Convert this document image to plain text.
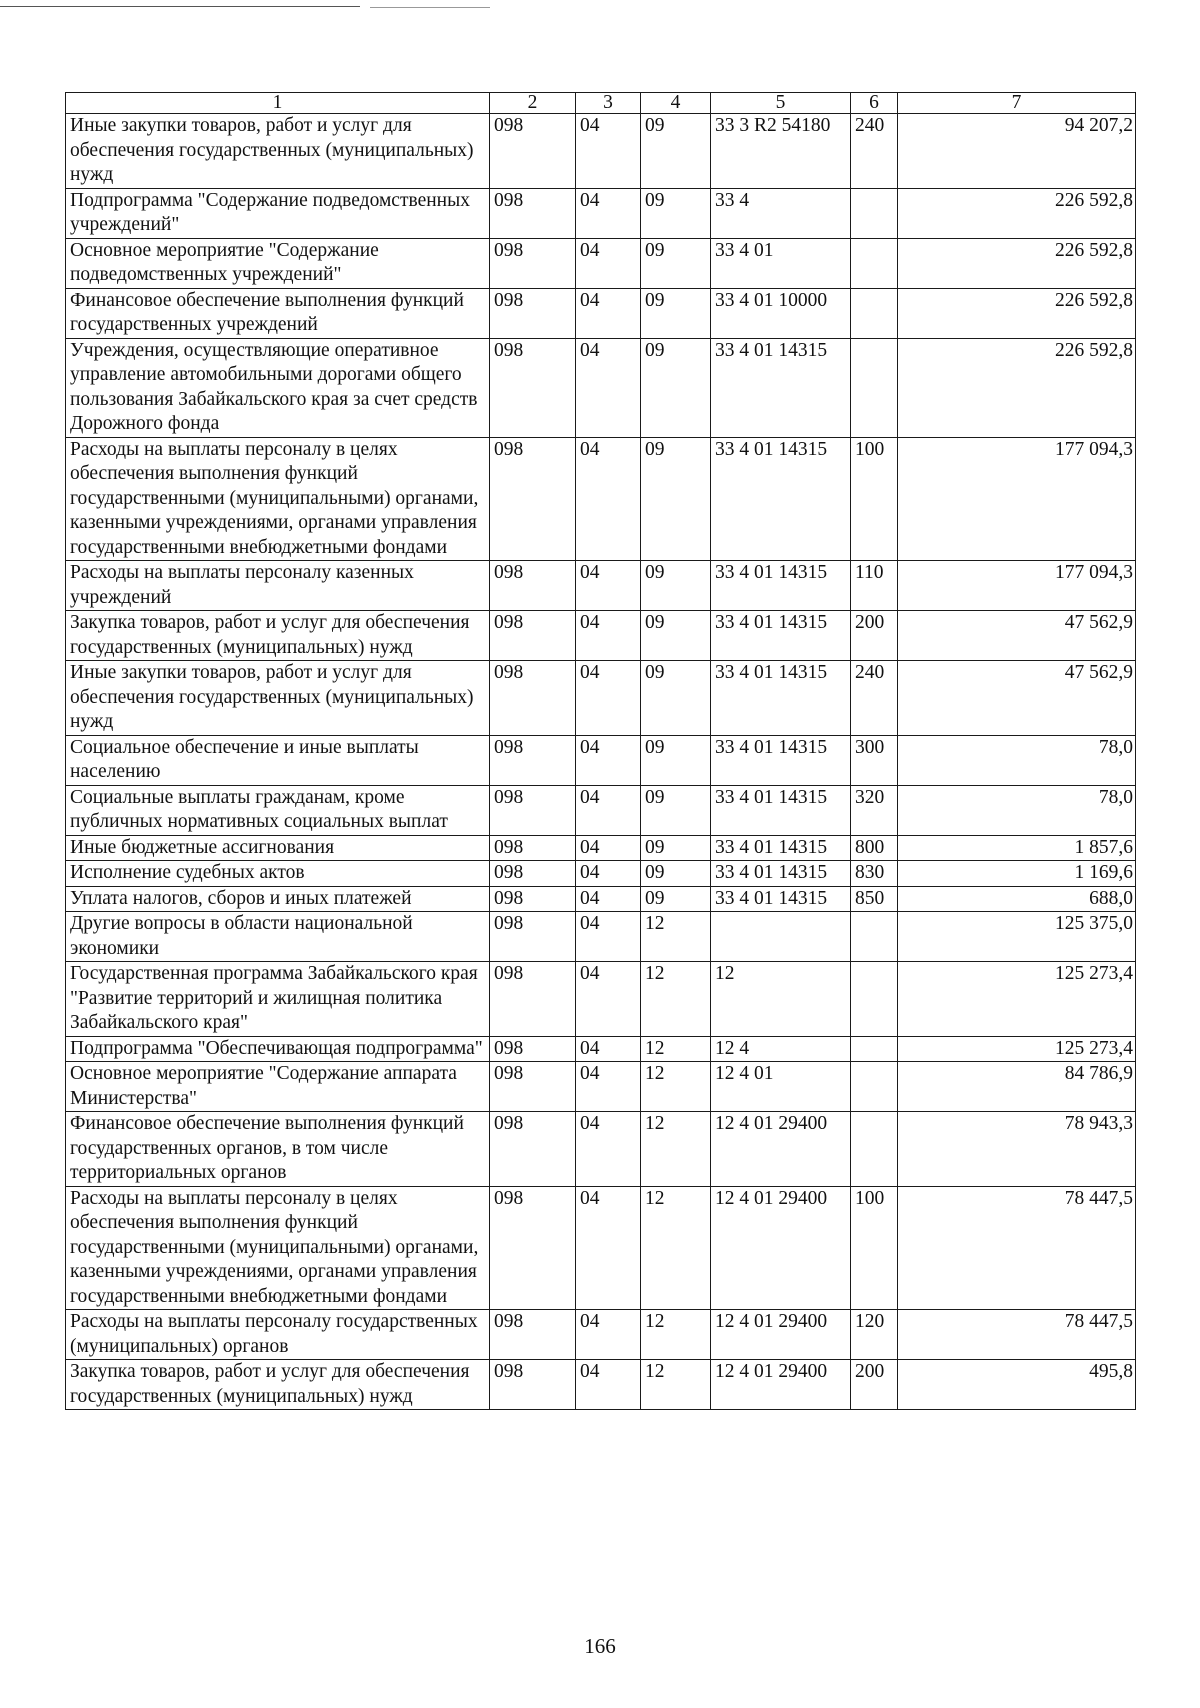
1	2	3	4	5	6	7
Иные закупки товаров, работ и услуг для обеспечения государственных (муниципальных) нужд	098	04	09	33 3 R2 54180	240	94 207,2
Подпрограмма "Содержание подведомственных учреждений"	098	04	09	33 4		226 592,8
Основное мероприятие "Содержание подведомственных учреждений"	098	04	09	33 4 01		226 592,8
Финансовое обеспечение выполнения функций государственных учреждений	098	04	09	33 4 01 10000		226 592,8
Учреждения, осуществляющие оперативное управление автомобильными дорогами общего пользования Забайкальского края за счет средств Дорожного фонда	098	04	09	33 4 01 14315		226 592,8
Расходы на выплаты персоналу в целях обеспечения выполнения функций государственными (муниципальными) органами, казенными учреждениями, органами управления государственными внебюджетными фондами	098	04	09	33 4 01 14315	100	177 094,3
Расходы на выплаты персоналу казенных учреждений	098	04	09	33 4 01 14315	110	177 094,3
Закупка товаров, работ и услуг для обеспечения государственных (муниципальных) нужд	098	04	09	33 4 01 14315	200	47 562,9
Иные закупки товаров, работ и услуг для обеспечения государственных (муниципальных) нужд	098	04	09	33 4 01 14315	240	47 562,9
Социальное обеспечение и иные выплаты населению	098	04	09	33 4 01 14315	300	78,0
Социальные выплаты гражданам, кроме публичных нормативных социальных выплат	098	04	09	33 4 01 14315	320	78,0
Иные бюджетные ассигнования	098	04	09	33 4 01 14315	800	1 857,6
Исполнение судебных актов	098	04	09	33 4 01 14315	830	1 169,6
Уплата налогов, сборов и иных платежей	098	04	09	33 4 01 14315	850	688,0
Другие вопросы в области национальной экономики	098	04	12			125 375,0
Государственная программа Забайкальского края "Развитие территорий и жилищная политика Забайкальского края"	098	04	12	12		125 273,4
Подпрограмма "Обеспечивающая подпрограмма"	098	04	12	12 4		125 273,4
Основное мероприятие "Содержание аппарата Министерства"	098	04	12	12 4 01		84 786,9
Финансовое обеспечение выполнения функций государственных органов, в том числе территориальных органов	098	04	12	12 4 01 29400		78 943,3
Расходы на выплаты персоналу в целях обеспечения выполнения функций государственными (муниципальными) органами, казенными учреждениями, органами управления государственными внебюджетными фондами	098	04	12	12 4 01 29400	100	78 447,5
Расходы на выплаты персоналу государственных (муниципальных) органов	098	04	12	12 4 01 29400	120	78 447,5
Закупка товаров, работ и услуг для обеспечения государственных (муниципальных) нужд	098	04	12	12 4 01 29400	200	495,8
166
